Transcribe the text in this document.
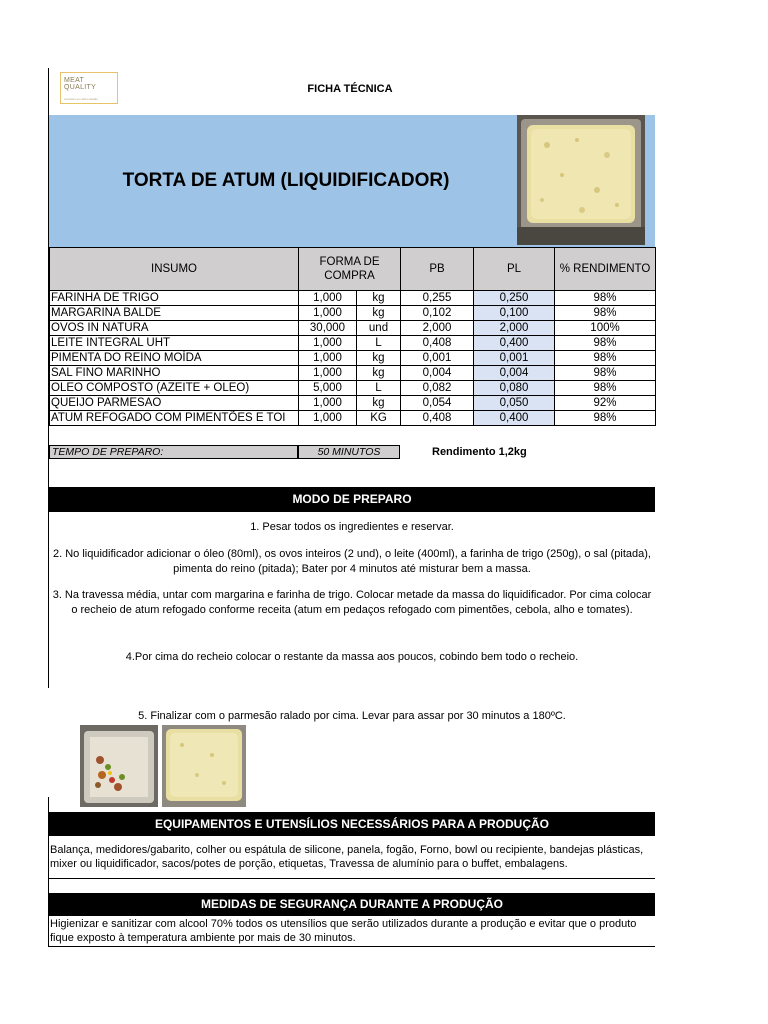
MEAT
QUALITY
soluções em alimentação
FICHA TÉCNICA
TORTA DE ATUM (LIQUIDIFICADOR)
INSUMO	FORMA DE COMPRA		PB	PL	% RENDIMENTO
FARINHA DE TRIGO	1,000	kg	0,255	0,250	98%
MARGARINA BALDE	1,000	kg	0,102	0,100	98%
OVOS IN NATURA	30,000	und	2,000	2,000	100%
LEITE INTEGRAL UHT	1,000	L	0,408	0,400	98%
PIMENTA DO REINO MOÍDA	1,000	kg	0,001	0,001	98%
SAL FINO MARINHO	1,000	kg	0,004	0,004	98%
OLEO COMPOSTO (AZEITE + OLEO)	5,000	L	0,082	0,080	98%
QUEIJO PARMESAO	1,000	kg	0,054	0,050	92%
ATUM REFOGADO COM PIMENTÕES E TOI	1,000	KG	0,408	0,400	98%
TEMPO DE PREPARO:	50 MINUTOS	Rendimento 1,2kg
MODO DE PREPARO
1. Pesar todos os ingredientes e reservar.
2. No liquidificador adicionar o óleo (80ml), os ovos inteiros (2 und), o leite (400ml), a farinha de trigo (250g), o sal (pitada), pimenta do reino (pitada); Bater por 4 minutos até misturar bem a massa.
3. Na travessa média, untar com margarina e farinha de trigo. Colocar metade da massa do liquidificador. Por cima colocar o recheio de atum refogado conforme receita (atum em pedaços refogado com pimentões, cebola, alho e tomates).
4.Por cima do recheio colocar o restante da massa aos poucos, cobindo bem todo o recheio.
5. Finalizar com o parmesão ralado por cima. Levar para assar por 30 minutos a 180ºC.
EQUIPAMENTOS E UTENSÍLIOS NECESSÁRIOS PARA A PRODUÇÃO
Balança, medidores/gabarito, colher ou espátula de silicone, panela, fogão, Forno, bowl ou recipiente, bandejas plásticas, mixer ou liquidificador, sacos/potes de porção, etiquetas, Travessa de alumínio para o buffet, embalagens.
MEDIDAS DE SEGURANÇA DURANTE A PRODUÇÃO
Higienizar e sanitizar com alcool 70% todos os utensílios que serão utilizados durante a produção e evitar que o produto fique exposto à temperatura ambiente por mais de 30 minutos.
